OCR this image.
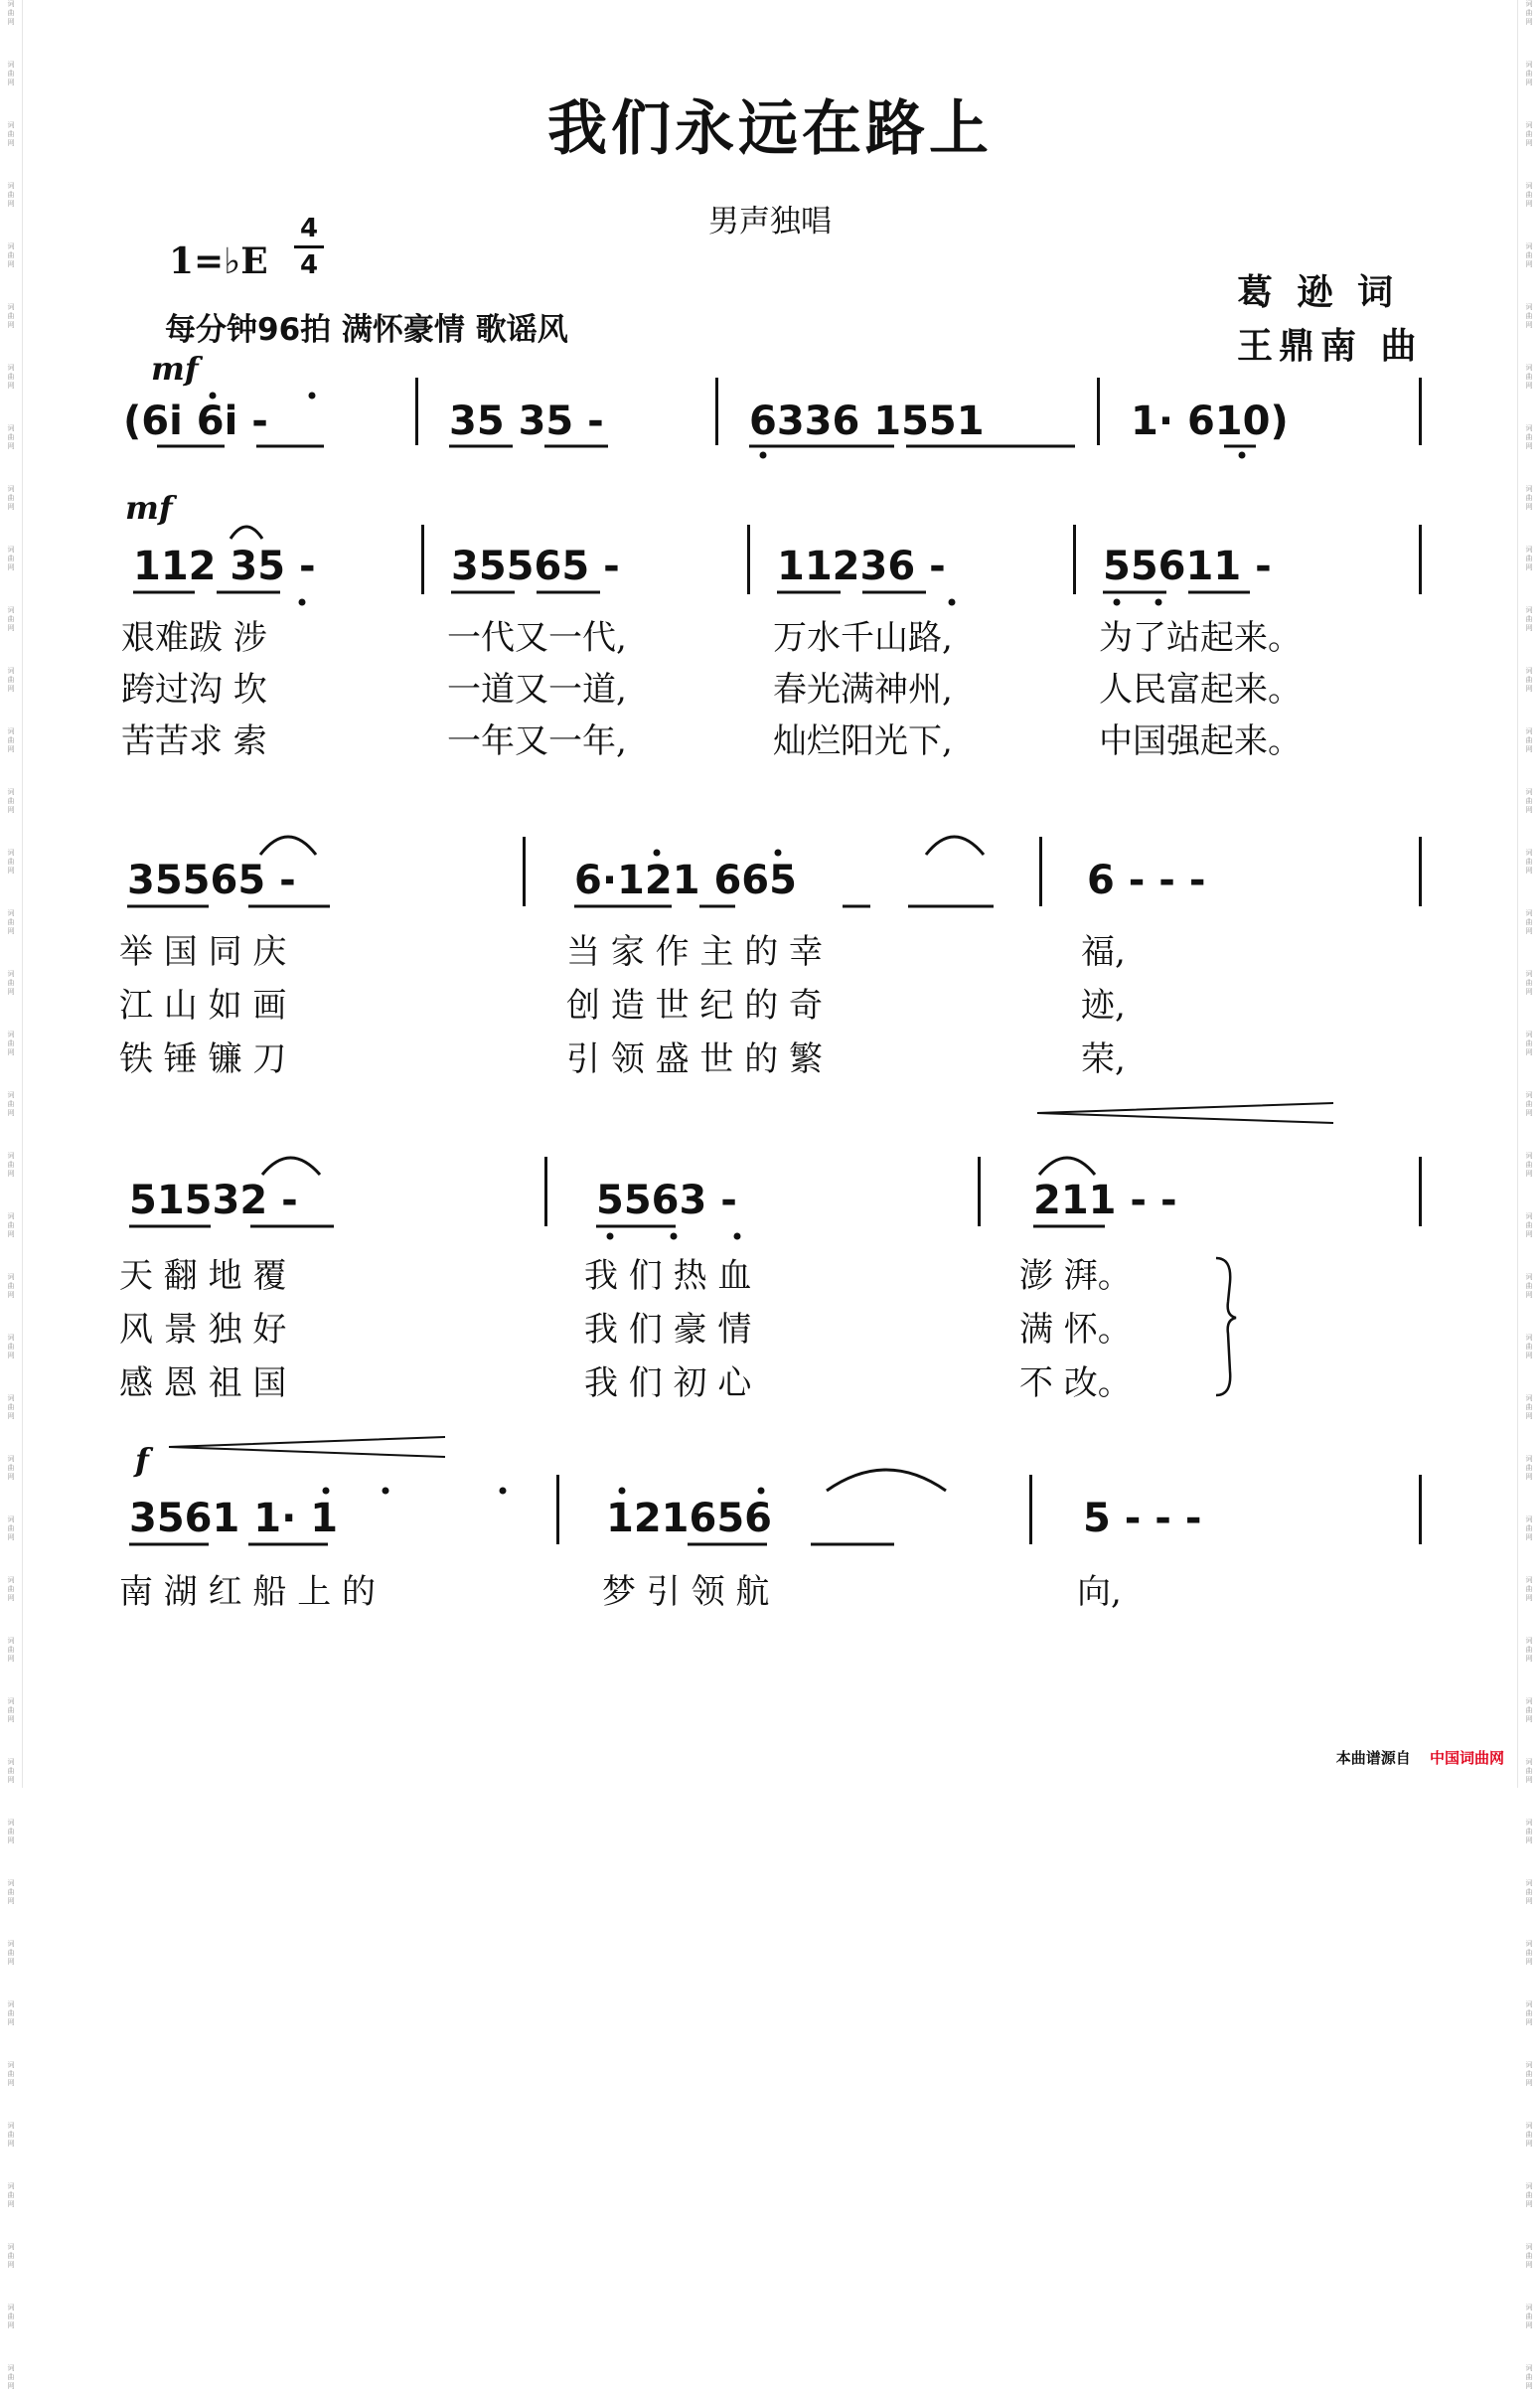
词
曲
网
词
曲
网
词
曲
网
词
曲
网
词
曲
网
词
曲
网
词
曲
网
词
曲
网
词
曲
网
词
曲
网
词
曲
网
词
曲
网
词
曲
网
词
曲
网
词
曲
网
词
曲
网
词
曲
网
词
曲
网
词
曲
网
词
曲
网
词
曲
网
词
曲
网
词
曲
网
词
曲
网
词
曲
网
词
曲
网
词
曲
网
词
曲
网
词
曲
网
词
曲
网
词
曲
网
词
曲
网
词
曲
网
词
曲
网
词
曲
网
词
曲
网
词
曲
网
词
曲
网
词
曲
网
词
曲
网
词
曲
网
词
曲
网
词
曲
网
词
曲
网
词
曲
网
词
曲
网
词
曲
网
词
曲
网
词
曲
网
词
曲
网
词
曲
网
词
曲
网
词
曲
网
词
曲
网
词
曲
网
词
曲
网
词
曲
网
词
曲
网
词
曲
网
词
曲
网
词
曲
网
词
曲
网
词
曲
网
词
曲
网
词
曲
网
词
曲
网
词
曲
网
词
曲
网
词
曲
网
词
曲
网
词
曲
网
词
曲
网
词
曲
网
词
曲
网
词
曲
网
词
曲
网
词
曲
网
词
曲
网
词
曲
网
词
曲
网
我们永远在路上
男声独唱
1=♭E
4
4
每分钟96拍 满怀豪情 歌谣风
葛 逊 词
王鼎南 曲
mf
mf
f
(6i 6i -	35 35 -	6336 1551	1· 610)
112 35 -	35565 -	11236 -	55611 -
艰难跋 涉	一代又一代,	万水千山路,	为了站起来。
跨过沟 坎	一道又一道,	春光满神州,	人民富起来。
苦苦求 索	一年又一年,	灿烂阳光下,	中国强起来。
35565 -	6·121 665	6 - - -
举 国 同 庆	当 家 作 主 的 幸	福,
江 山 如 画	创 造 世 纪 的 奇	迹,
铁 锤 镰 刀	引 领 盛 世 的 繁	荣,
51532 -	5563 -	211 - -
天 翻 地 覆	我 们 热 血	澎 湃。
风 景 独 好	我 们 豪 情	满 怀。
感 恩 祖 国	我 们 初 心	不 改。
3561 1· 1	121656	5 - - -
南 湖 红 船 上 的	梦 引 领 航	向,
本曲谱源自 中国词曲网
